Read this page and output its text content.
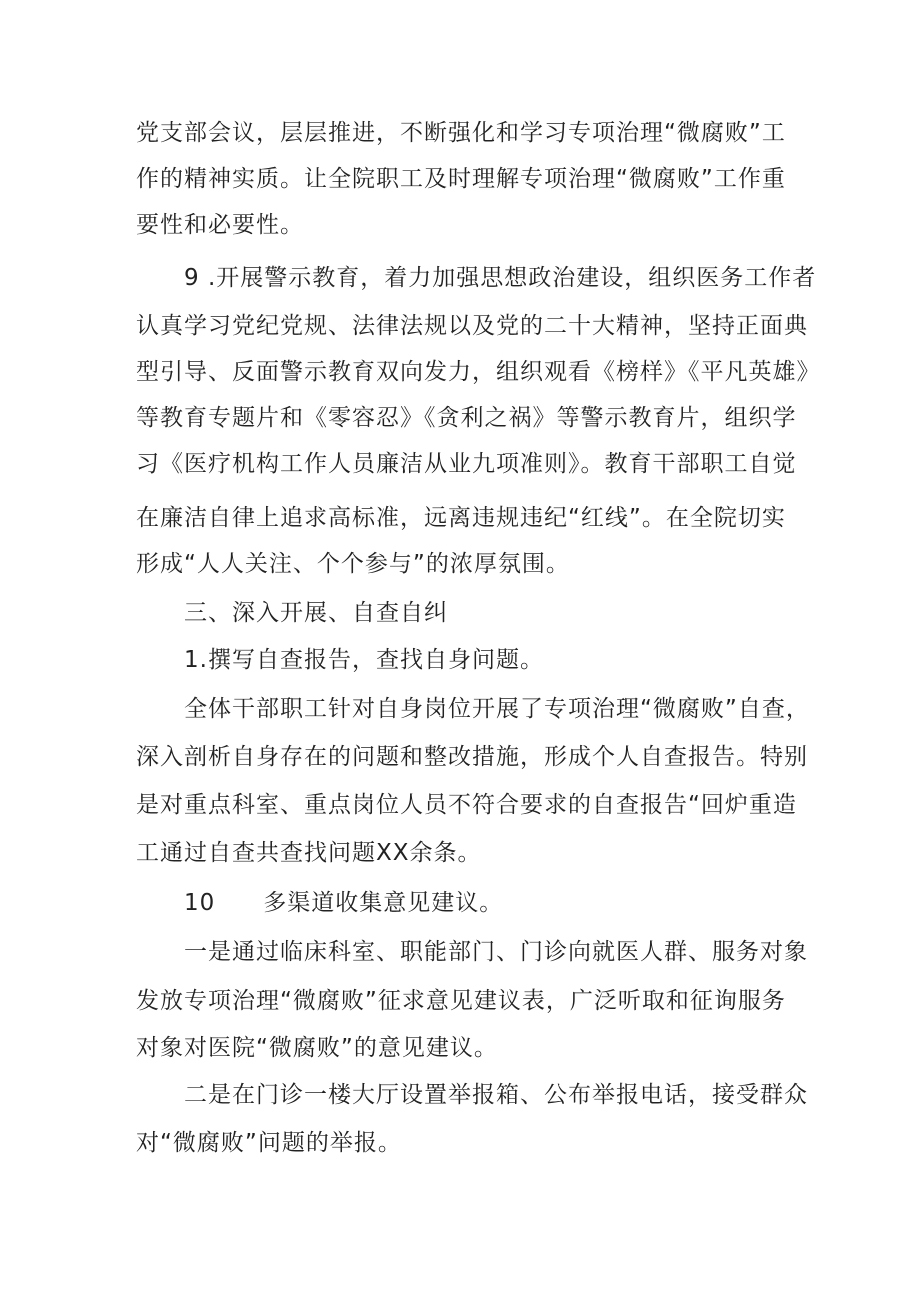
党支部会议，层层推进，不断强化和学习专项治理“微腐败”工
作的精神实质。让全院职工及时理解专项治理“微腐败”工作重
要性和必要性。
9 .开展警示教育，着力加强思想政治建设，组织医务工作者
认真学习党纪党规、法律法规以及党的二十大精神，坚持正面典
型引导、反面警示教育双向发力，组织观看《榜样》《平凡英雄》
等教育专题片和《零容忍》《贪利之祸》等警示教育片，组织学
习《医疗机构工作人员廉洁从业九项准则》。教育干部职工自觉
在廉洁自律上追求高标准，远离违规违纪“红线”。在全院切实
形成“人人关注、个个参与”的浓厚氛围。
三、深入开展、自查自纠
1.撰写自查报告，查找自身问题。
全体干部职工针对自身岗位开展了专项治理“微腐败”自查，
深入剖析自身存在的问题和整改措施，形成个人自查报告。特别
是对重点科室、重点岗位人员不符合要求的自查报告“回炉重造
工通过自查共查找问题XX余条。
10　　多渠道收集意见建议。
一是通过临床科室、职能部门、门诊向就医人群、服务对象
发放专项治理“微腐败”征求意见建议表，广泛听取和征询服务
对象对医院“微腐败”的意见建议。
二是在门诊一楼大厅设置举报箱、公布举报电话，接受群众
对“微腐败”问题的举报。
